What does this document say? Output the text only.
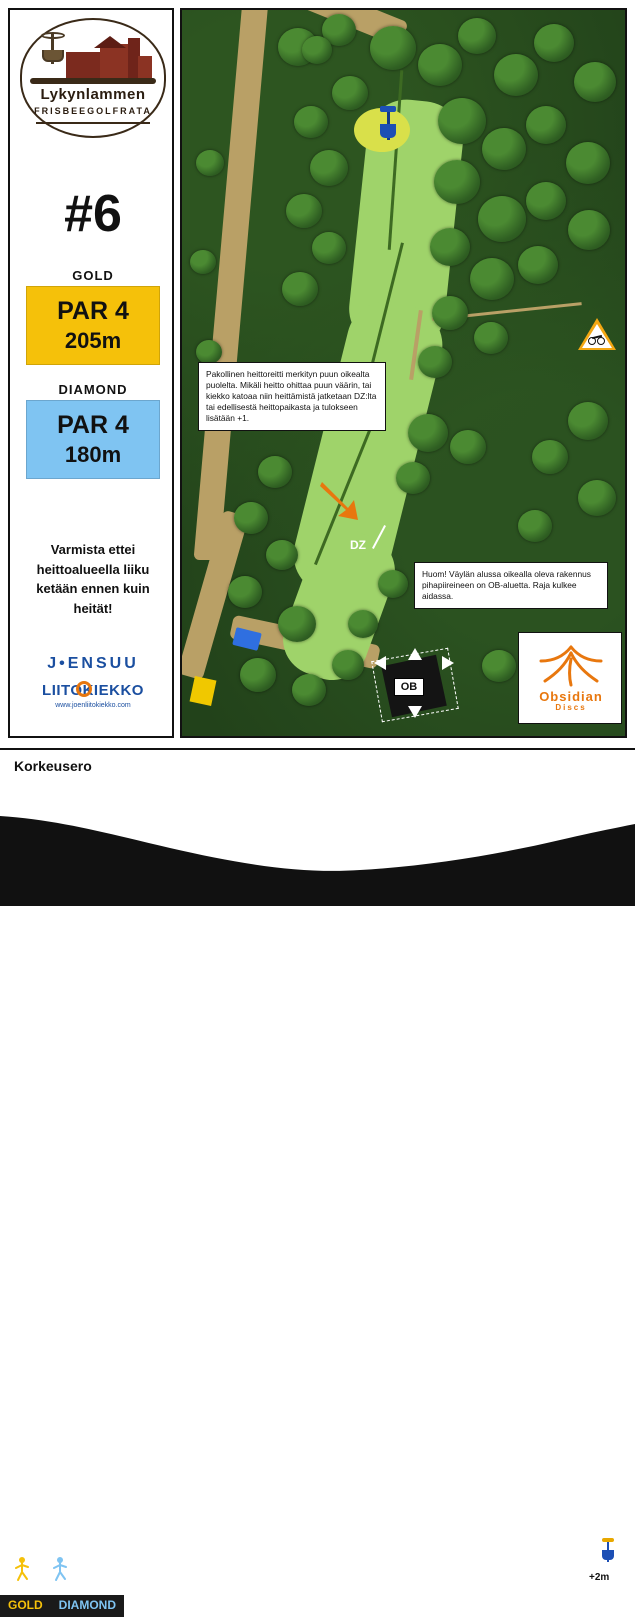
Lykynlammen
FRISBEEGOLFRATA
#6
GOLD
PAR 4
205m
DIAMOND
PAR 4
180m
Varmista ettei heittoalueella liiku ketään ennen kuin heität!
J•ENSUU
LIITOKIEKKO
www.joenliitokiekko.com
DZ
OB
Pakollinen heittoreitti merkityn puun oikealta puolelta. Mikäli heitto ohittaa puun väärin, tai kiekko katoaa niin heittämistä jatketaan DZ:lta tai edellisestä heittopaikasta ja tulokseen lisätään +1.
Huom! Väylän alussa oikealla oleva rakennus pihapiireineen on OB-aluetta. Raja kulkee aidassa.
Obsidian
Discs
Korkeusero
GOLD	DIAMOND
+2m
